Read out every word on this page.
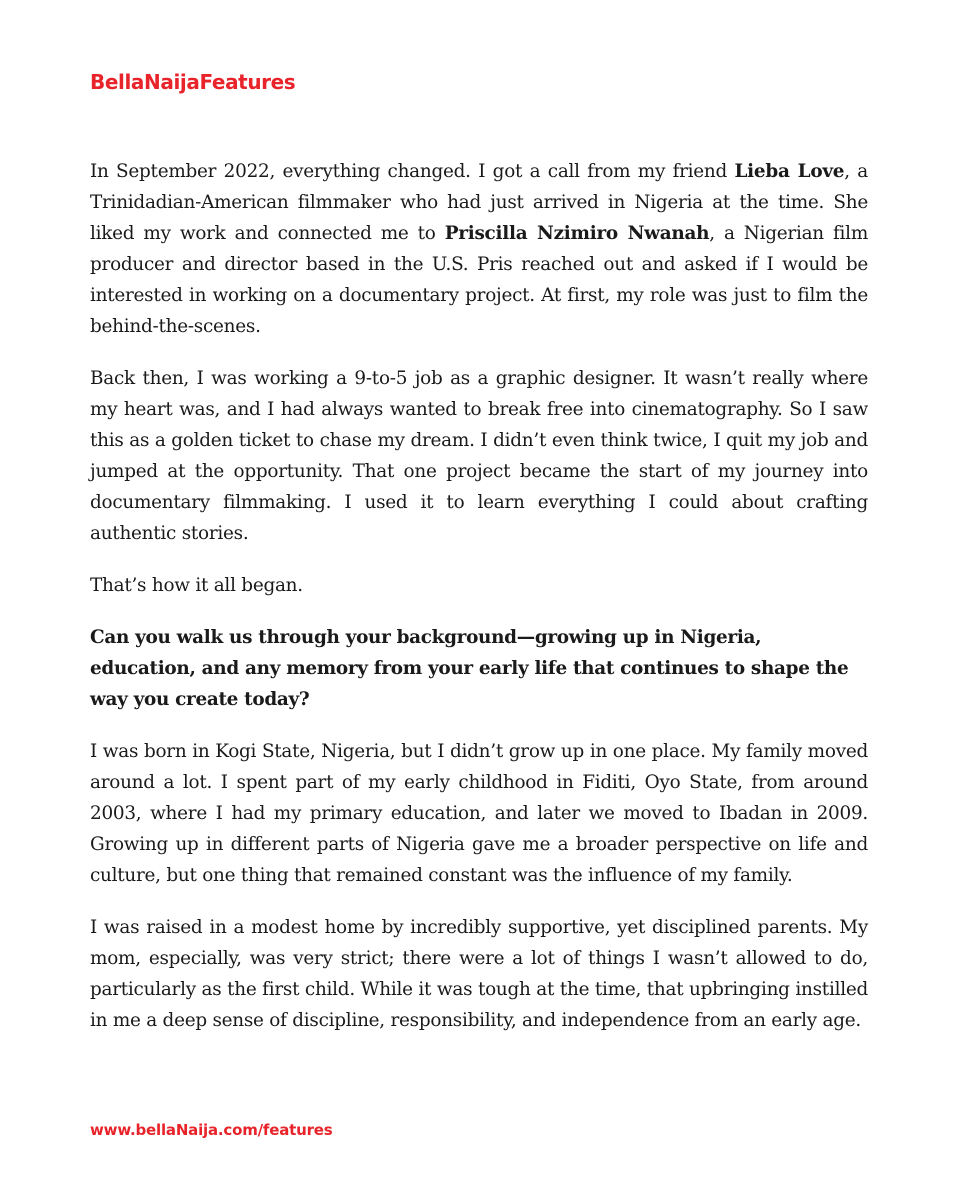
BellaNaijaFeatures

In September 2022, everything changed. I got a call from my friend Lieba Love, a Trinidadian-American filmmaker who had just arrived in Nigeria at the time. She liked my work and connected me to Priscilla Nzimiro Nwanah, a Nigerian film producer and director based in the U.S. Pris reached out and asked if I would be interested in working on a documentary project. At first, my role was just to film the behind-the-scenes.

Back then, I was working a 9-to-5 job as a graphic designer. It wasn’t really where my heart was, and I had always wanted to break free into cinematography. So I saw this as a golden ticket to chase my dream. I didn’t even think twice, I quit my job and jumped at the opportunity. That one project became the start of my journey into documentary filmmaking. I used it to learn everything I could about crafting authentic stories.

That’s how it all began.

Can you walk us through your background—growing up in Nigeria, education, and any memory from your early life that continues to shape the way you create today?

I was born in Kogi State, Nigeria, but I didn’t grow up in one place. My family moved around a lot. I spent part of my early childhood in Fiditi, Oyo State, from around 2003, where I had my primary education, and later we moved to Ibadan in 2009. Growing up in different parts of Nigeria gave me a broader perspective on life and culture, but one thing that remained constant was the influence of my family.

I was raised in a modest home by incredibly supportive, yet disciplined parents. My mom, especially, was very strict; there were a lot of things I wasn’t allowed to do, particularly as the first child. While it was tough at the time, that upbringing instilled in me a deep sense of discipline, responsibility, and independence from an early age.

www.bellaNaija.com/features
